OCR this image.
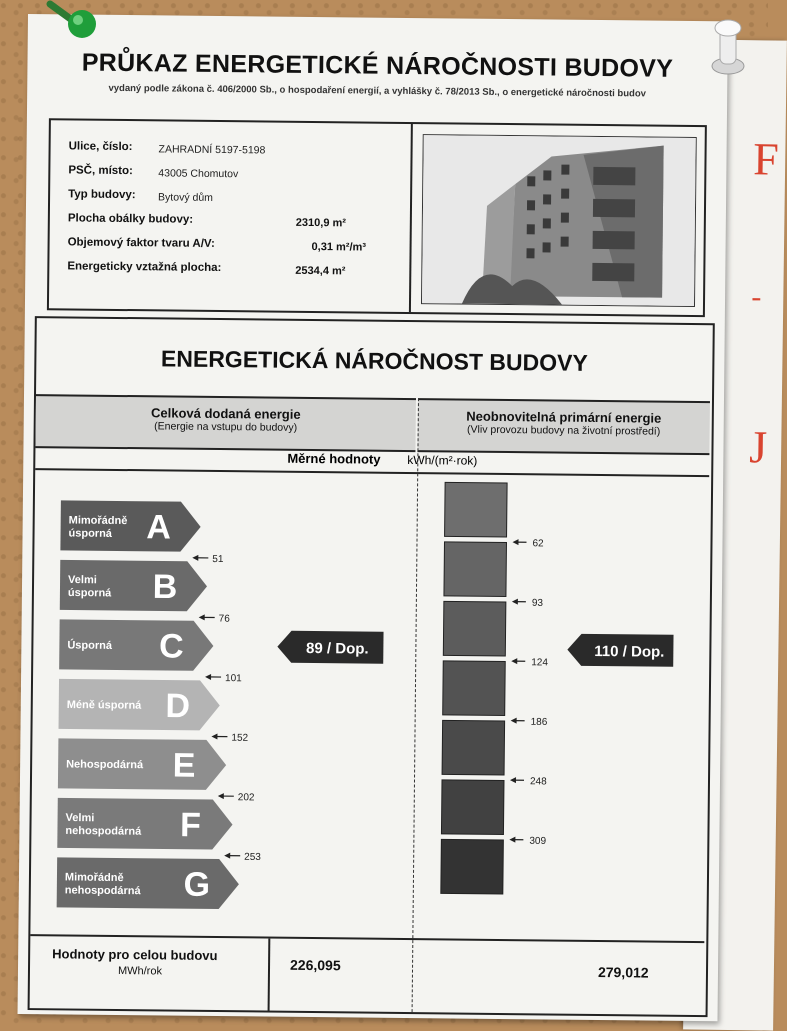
F
-
J
PRŮKAZ ENERGETICKÉ NÁROČNOSTI BUDOVY
vydaný podle zákona č. 406/2000 Sb., o hospodaření energií, a vyhlášky č. 78/2013 Sb., o energetické náročnosti budov
Ulice, číslo: ZAHRADNÍ 5197-5198
PSČ, místo: 43005 Chomutov
Typ budovy: Bytový dům
Plocha obálky budovy:	2310,9 m²
Objemový faktor tvaru A/V:	0,31 m²/m³
Energeticky vztažná plocha:	2534,4 m²
ENERGETICKÁ NÁROČNOST BUDOVY
Celková dodaná energie
(Energie na vstupu do budovy)
Neobnovitelná primární energie
(Vliv provozu budovy na životní prostředí)
Měrné hodnoty kWh/(m²·rok)
A
Mimořádně
úsporná
B
Velmi
úsporná
C
Úsporná
D
Méně úsporná
E
Nehospodárná
F
Velmi
nehospodárná
G
Mimořádně
nehospodárná
51
76
101
152
202
253
62
93
124
186
248
309
89 / Dop.	110 / Dop.
Hodnoty pro celou budovu
MWh/rok	226,095	279,012
